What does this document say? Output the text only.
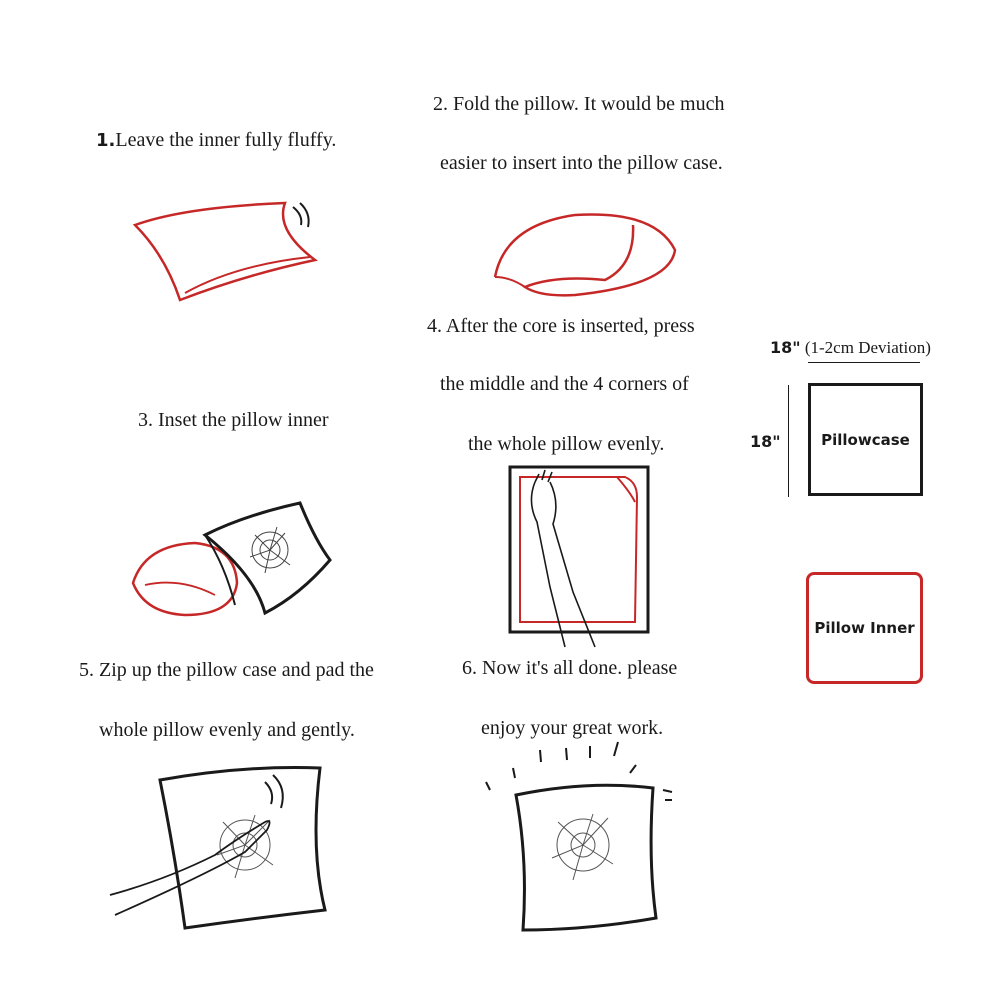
1.Leave the inner fully fluffy.
2. Fold the pillow. It would be much
easier to insert into the pillow case.
3. Inset the pillow inner
4. After the core is inserted, press
the middle and the 4 corners of
the whole pillow evenly.
5. Zip up the pillow case and pad the
whole pillow evenly and gently.
6. Now it's all done. please
enjoy your great work.
18" (1-2cm Deviation)
18"	Pillowcase
Pillow Inner
